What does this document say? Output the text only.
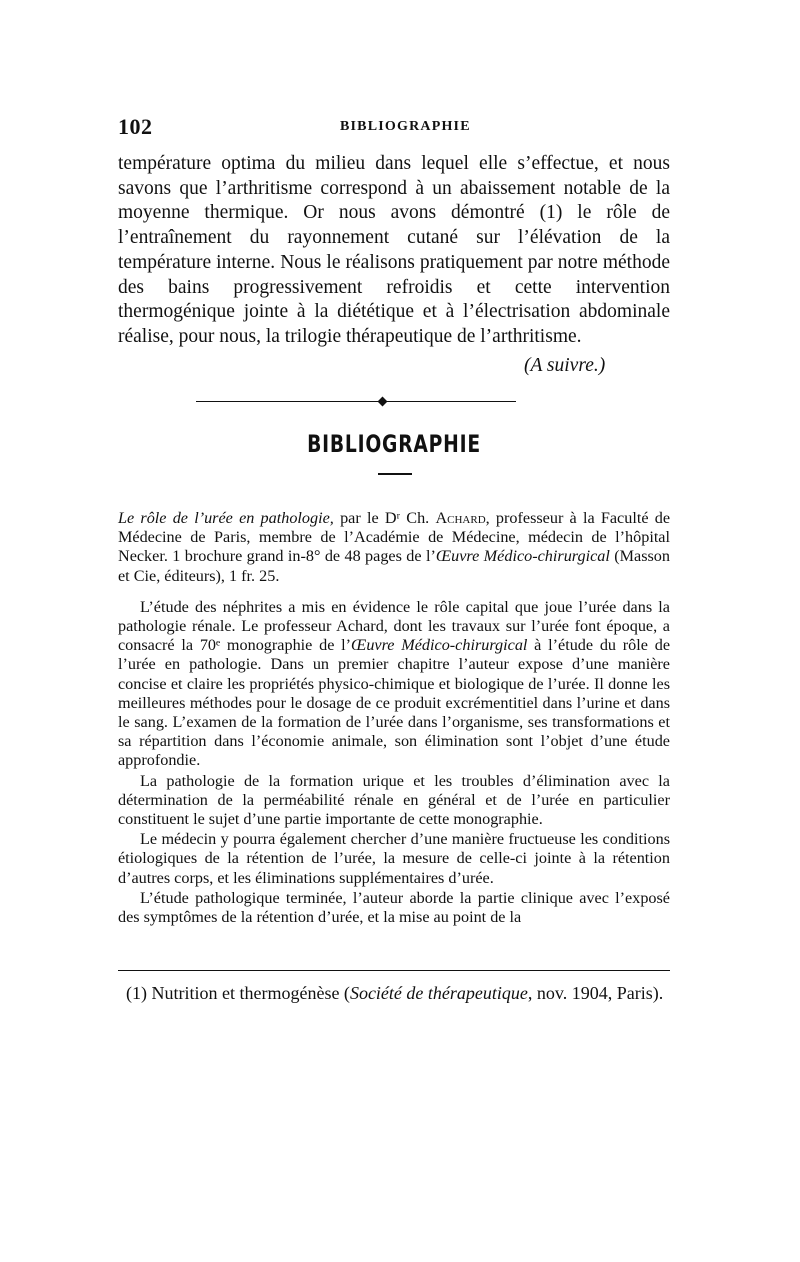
102	BIBLIOGRAPHIE
température optima du milieu dans lequel elle s’effectue, et nous savons que l’arthritisme correspond à un abaissement notable de la moyenne thermique. Or nous avons démontré (1) le rôle de l’entraînement du rayonnement cutané sur l’élévation de la température interne. Nous le réalisons pratiquement par notre méthode des bains progressivement refroidis et cette intervention thermogénique jointe à la diététique et à l’électrisation abdominale réalise, pour nous, la trilogie thérapeutique de l’arthritisme.
(A suivre.)
BIBLIOGRAPHIE

Le rôle de l’urée en pathologie, par le Dʳ Ch. Achard, professeur à la Faculté de Médecine de Paris, membre de l’Académie de Médecine, médecin de l’hôpital Necker. 1 brochure grand in-8° de 48 pages de l’Œuvre Médico-chirurgical (Masson et Cie, éditeurs), 1 fr. 25.

L’étude des néphrites a mis en évidence le rôle capital que joue l’urée dans la pathologie rénale. Le professeur Achard, dont les travaux sur l’urée font époque, a consacré la 70ᵉ monographie de l’Œuvre Médico-chirurgical à l’étude du rôle de l’urée en pathologie. Dans un premier chapitre l’auteur expose d’une manière concise et claire les propriétés physico-chimique et biologique de l’urée. Il donne les meilleures méthodes pour le dosage de ce produit excrémentitiel dans l’urine et dans le sang. L’examen de la formation de l’urée dans l’organisme, ses transformations et sa répartition dans l’économie animale, son élimination sont l’objet d’une étude approfondie.

La pathologie de la formation urique et les troubles d’élimination avec la détermination de la perméabilité rénale en général et de l’urée en particulier constituent le sujet d’une partie importante de cette monographie.

Le médecin y pourra également chercher d’une manière fructueuse les conditions étiologiques de la rétention de l’urée, la mesure de celle-ci jointe à la rétention d’autres corps, et les éliminations supplémentaires d’urée.

L’étude pathologique terminée, l’auteur aborde la partie clinique avec l’exposé des symptômes de la rétention d’urée, et la mise au point de la

(1) Nutrition et thermogénèse (Société de thérapeutique, nov. 1904, Paris).
